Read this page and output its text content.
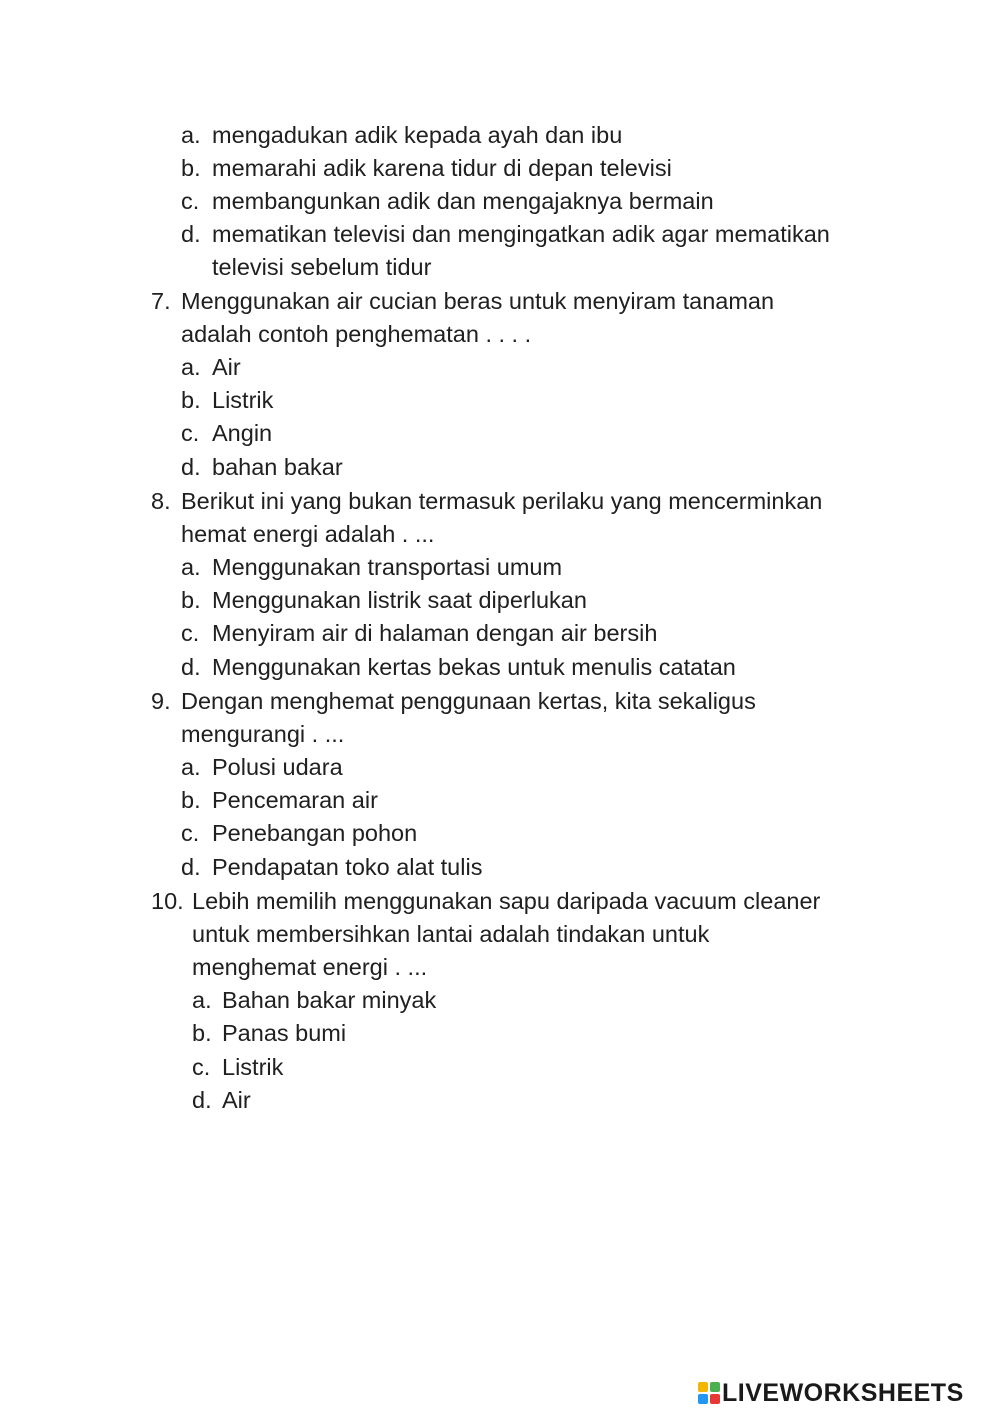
a. mengadukan adik kepada ayah dan ibu
b. memarahi adik karena tidur di depan televisi
c. membangunkan adik dan mengajaknya bermain
d. mematikan televisi dan mengingatkan adik agar mematikan
televisi sebelum tidur
7. Menggunakan air cucian beras untuk menyiram tanaman
adalah contoh penghematan . . . .
a. Air
b. Listrik
c. Angin
d. bahan bakar
8. Berikut ini yang bukan termasuk perilaku yang mencerminkan
hemat energi adalah . ...
a. Menggunakan transportasi umum
b. Menggunakan listrik saat diperlukan
c. Menyiram air di halaman dengan air bersih
d. Menggunakan kertas bekas untuk menulis catatan
9. Dengan menghemat penggunaan kertas, kita sekaligus
mengurangi . ...
a. Polusi udara
b. Pencemaran air
c. Penebangan pohon
d. Pendapatan toko alat tulis
10. Lebih memilih menggunakan sapu daripada vacuum cleaner
untuk membersihkan lantai adalah tindakan untuk
menghemat energi . ...
a. Bahan bakar minyak
b. Panas bumi
c. Listrik
d. Air
LIVEWORKSHEETS
